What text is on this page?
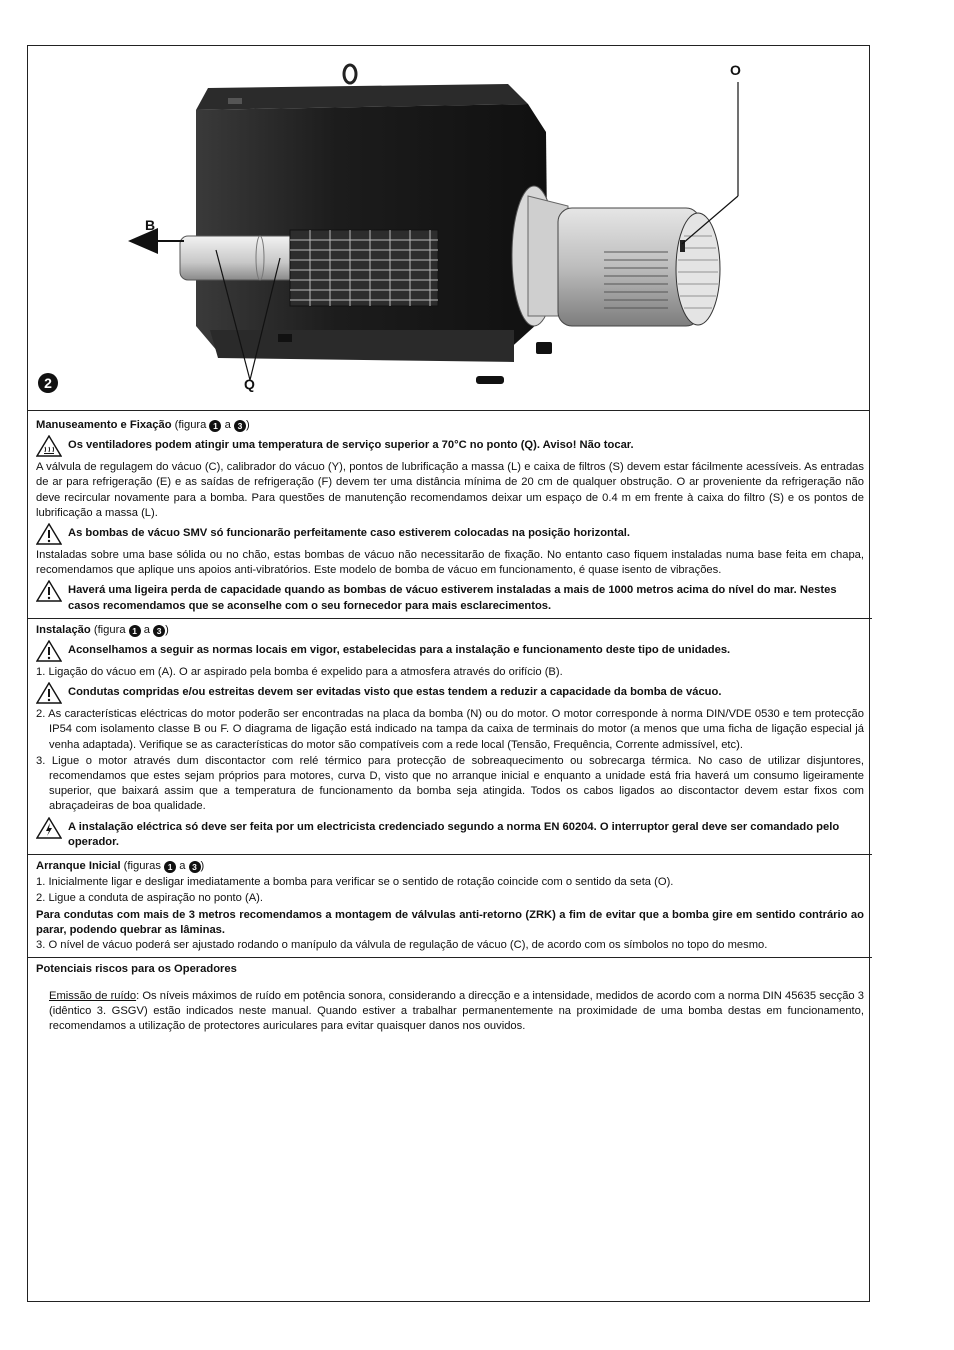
2
O
B
Q
Manuseamento e Fixação (figura 1 a 3 )
Os ventiladores podem atingir uma temperatura de serviço superior a 70°C no ponto (Q). Aviso! Não tocar.

A válvula de regulagem do vácuo (C), calibrador do vácuo (Y), pontos de lubrificação a massa (L) e caixa de filtros (S) devem estar fácilmente acessíveis. As entradas de ar para refrigeração (E) e as saídas de refrigeração (F) devem ter uma distância mínima de 20 cm de qualquer obstrução. O ar proveniente da refrigeração não deve recircular novamente para a bomba. Para questões de manutenção recomendamos deixar um espaço de 0.4 m em frente à caixa do filtro (S) e os pontos de lubrificação a massa (L).

As bombas de vácuo SMV só funcionarão perfeitamente caso estiverem colocadas na posição horizontal.

Instaladas sobre uma base sólida ou no chão, estas bombas de vácuo não necessitarão de fixação. No entanto caso fiquem instaladas numa base feita em chapa, recomendamos que aplique uns apoios anti-vibratórios. Este modelo de bomba de vácuo em funcionamento, é quase isento de vibrações.

Haverá uma ligeira perda de capacidade quando as bombas de vácuo estiverem instaladas a mais de 1000 metros acima do nível do mar. Nestes casos recomendamos que se aconselhe com o seu fornecedor para mais esclarecimentos.
Instalação (figura 1 a 3 )
Aconselhamos a seguir as normas locais em vigor, estabelecidas para a instalação e funcionamento deste tipo de unidades.

1. Ligação do vácuo em (A). O ar aspirado pela bomba é expelido para a atmosfera através do orifício (B).

Condutas compridas e/ou estreitas devem ser evitadas visto que estas tendem a reduzir a capacidade da bomba de vácuo.

2. As características eléctricas do motor poderão ser encontradas na placa da bomba (N) ou do motor. O motor corresponde à norma DIN/VDE 0530 e tem protecção IP54 com isolamento classe B ou F. O diagrama de ligação está indicado na tampa da caixa de terminais do motor (a menos que uma ficha de ligação especial já venha adaptada). Verifique se as características do motor são compatíveis com a rede local (Tensão, Frequência, Corrente admissível, etc).

3. Ligue o motor através dum discontactor com relé térmico para protecção de sobreaquecimento ou sobrecarga térmica. No caso de utilizar disjuntores, recomendamos que estes sejam próprios para motores, curva D, visto que no arranque inicial e enquanto a unidade está fria haverá um consumo ligeiramente superior, que baixará assim que a temperatura de funcionamento da bomba seja atingida. Todos os cabos ligados ao discontactor devem estar fixos com abraçadeiras de boa qualidade.

A instalação eléctrica só deve ser feita por um electricista credenciado segundo a norma EN 60204. O interruptor geral deve ser comandado pelo operador.
Arranque Inicial (figuras 1 a 3 )

1. Inicialmente ligar e desligar imediatamente a bomba para verificar se o sentido de rotação coincide com o sentido da seta (O).

2. Ligue a conduta de aspiração no ponto (A).

Para condutas com mais de 3 metros recomendamos a montagem de válvulas anti-retorno (ZRK) a fim de evitar que a bomba gire em sentido contrário ao parar, podendo quebrar as lâminas.

3. O nível de vácuo poderá ser ajustado rodando o manípulo da válvula de regulação de vácuo (C), de acordo com os símbolos no topo do mesmo.

Potenciais riscos para os Operadores

Emissão de ruído: Os níveis máximos de ruído em potência sonora, considerando a direcção e a intensidade, medidos de acordo com a norma DIN 45635 secção 3 (idêntico 3. GSGV) estão indicados neste manual. Quando estiver a trabalhar permanentemente na proximidade de uma bomba destas em funcionamento, recomendamos a utilização de protectores auriculares para evitar quaisquer danos nos ouvidos.
